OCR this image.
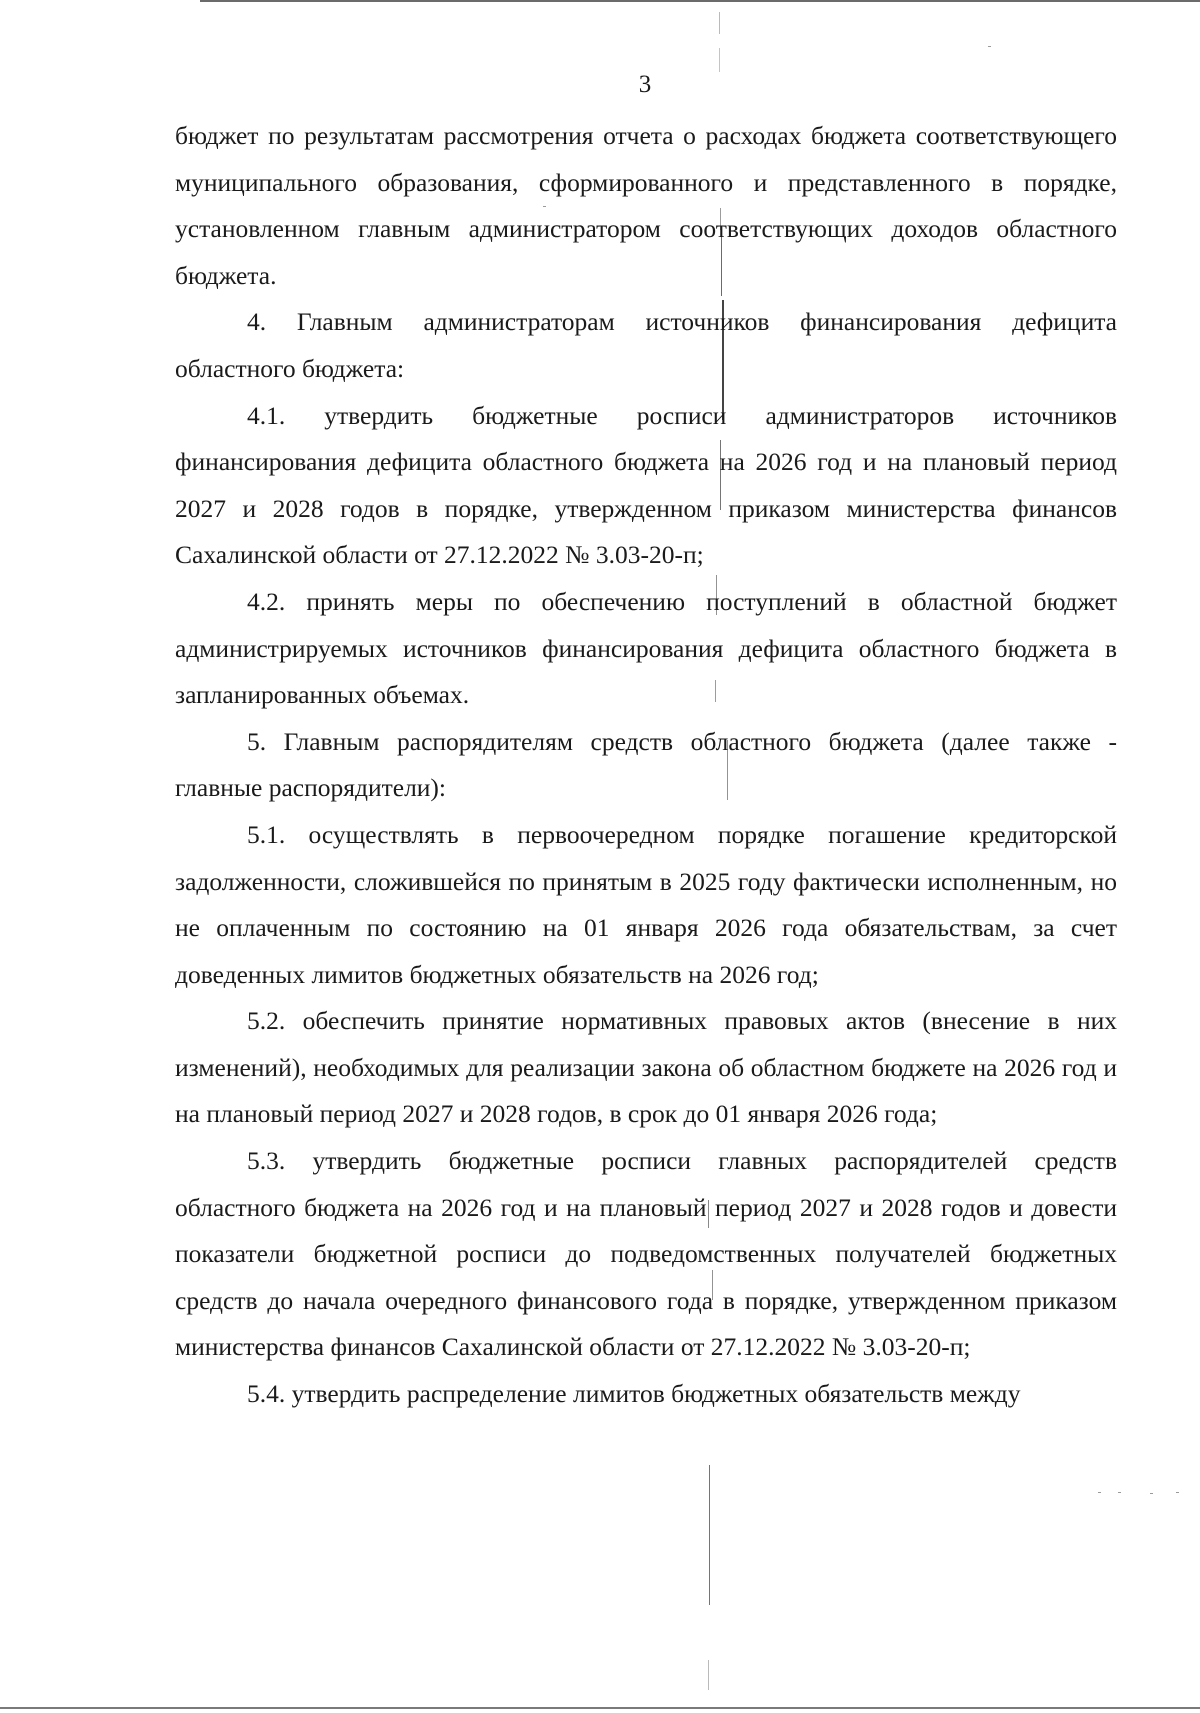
3

бюджет по результатам рассмотрения отчета о расходах бюджета соответствующего муниципального образования, сформированного и представленного в порядке, установленном главным администратором соответствующих доходов областного бюджета.

4. Главным администраторам источников финансирования дефицита областного бюджета:

4.1. утвердить бюджетные росписи администраторов источников финансирования дефицита областного бюджета на 2026 год и на плановый период 2027 и 2028 годов в порядке, утвержденном приказом министерства финансов Сахалинской области от 27.12.2022 № 3.03-20-п;

4.2. принять меры по обеспечению поступлений в областной бюджет администрируемых источников финансирования дефицита областного бюджета в запланированных объемах.

5. Главным распорядителям средств областного бюджета (далее также - главные распорядители):

5.1. осуществлять в первоочередном порядке погашение кредиторской задолженности, сложившейся по принятым в 2025 году фактически исполненным, но не оплаченным по состоянию на 01 января 2026 года обязательствам, за счет доведенных лимитов бюджетных обязательств на 2026 год;

5.2. обеспечить принятие нормативных правовых актов (внесение в них изменений), необходимых для реализации закона об областном бюджете на 2026 год и на плановый период 2027 и 2028 годов, в срок до 01 января 2026 года;

5.3. утвердить бюджетные росписи главных распорядителей средств областного бюджета на 2026 год и на плановый период 2027 и 2028 годов и довести показатели бюджетной росписи до подведомственных получателей бюджетных средств до начала очередного финансового года в порядке, утвержденном приказом министерства финансов Сахалинской области от 27.12.2022 № 3.03-20-п;

5.4. утвердить распределение лимитов бюджетных обязательств между
